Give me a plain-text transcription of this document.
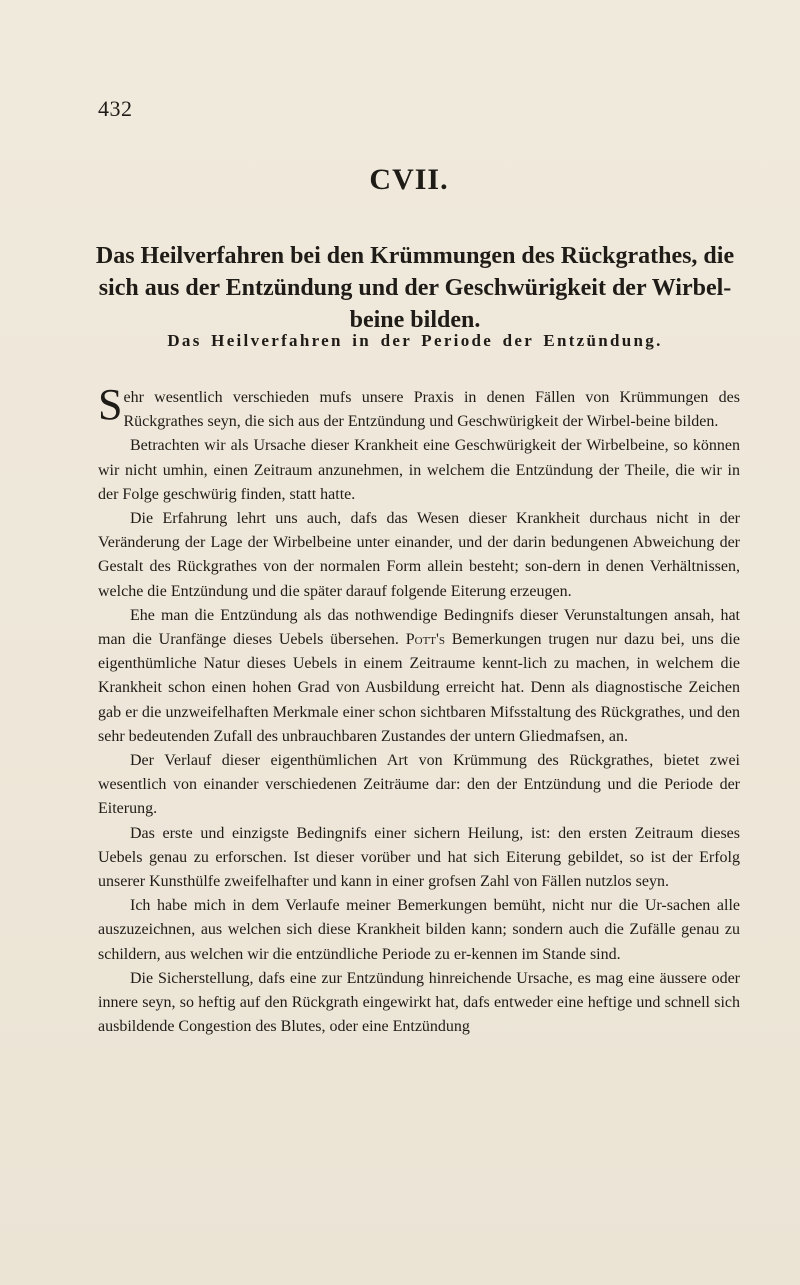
432
CVII.
Das Heilverfahren bei den Krümmungen des Rückgrathes, die sich aus der Entzündung und der Geschwürigkeit der Wirbel-beine bilden.
Das Heilverfahren in der Periode der Entzündung.

Sehr wesentlich verschieden mufs unsere Praxis in denen Fällen von Krümmungen des Rückgrathes seyn, die sich aus der Entzündung und Geschwürigkeit der Wirbel-beine bilden.

Betrachten wir als Ursache dieser Krankheit eine Geschwürigkeit der Wirbelbeine, so können wir nicht umhin, einen Zeitraum anzunehmen, in welchem die Entzündung der Theile, die wir in der Folge geschwürig finden, statt hatte.

Die Erfahrung lehrt uns auch, dafs das Wesen dieser Krankheit durchaus nicht in der Veränderung der Lage der Wirbelbeine unter einander, und der darin bedungenen Abweichung der Gestalt des Rückgrathes von der normalen Form allein besteht; son-dern in denen Verhältnissen, welche die Entzündung und die später darauf folgende Eiterung erzeugen.

Ehe man die Entzündung als das nothwendige Bedingnifs dieser Verunstaltungen ansah, hat man die Uranfänge dieses Uebels übersehen. Pott's Bemerkungen trugen nur dazu bei, uns die eigenthümliche Natur dieses Uebels in einem Zeitraume kennt-lich zu machen, in welchem die Krankheit schon einen hohen Grad von Ausbildung erreicht hat. Denn als diagnostische Zeichen gab er die unzweifelhaften Merkmale einer schon sichtbaren Mifsstaltung des Rückgrathes, und den sehr bedeutenden Zufall des unbrauchbaren Zustandes der untern Gliedmafsen, an.

Der Verlauf dieser eigenthümlichen Art von Krümmung des Rückgrathes, bietet zwei wesentlich von einander verschiedenen Zeiträume dar: den der Entzündung und die Periode der Eiterung.

Das erste und einzigste Bedingnifs einer sichern Heilung, ist: den ersten Zeitraum dieses Uebels genau zu erforschen. Ist dieser vorüber und hat sich Eiterung gebildet, so ist der Erfolg unserer Kunsthülfe zweifelhafter und kann in einer grofsen Zahl von Fällen nutzlos seyn.

Ich habe mich in dem Verlaufe meiner Bemerkungen bemüht, nicht nur die Ur-sachen alle auszuzeichnen, aus welchen sich diese Krankheit bilden kann; sondern auch die Zufälle genau zu schildern, aus welchen wir die entzündliche Periode zu er-kennen im Stande sind.

Die Sicherstellung, dafs eine zur Entzündung hinreichende Ursache, es mag eine äussere oder innere seyn, so heftig auf den Rückgrath eingewirkt hat, dafs entweder eine heftige und schnell sich ausbildende Congestion des Blutes, oder eine Entzündung
